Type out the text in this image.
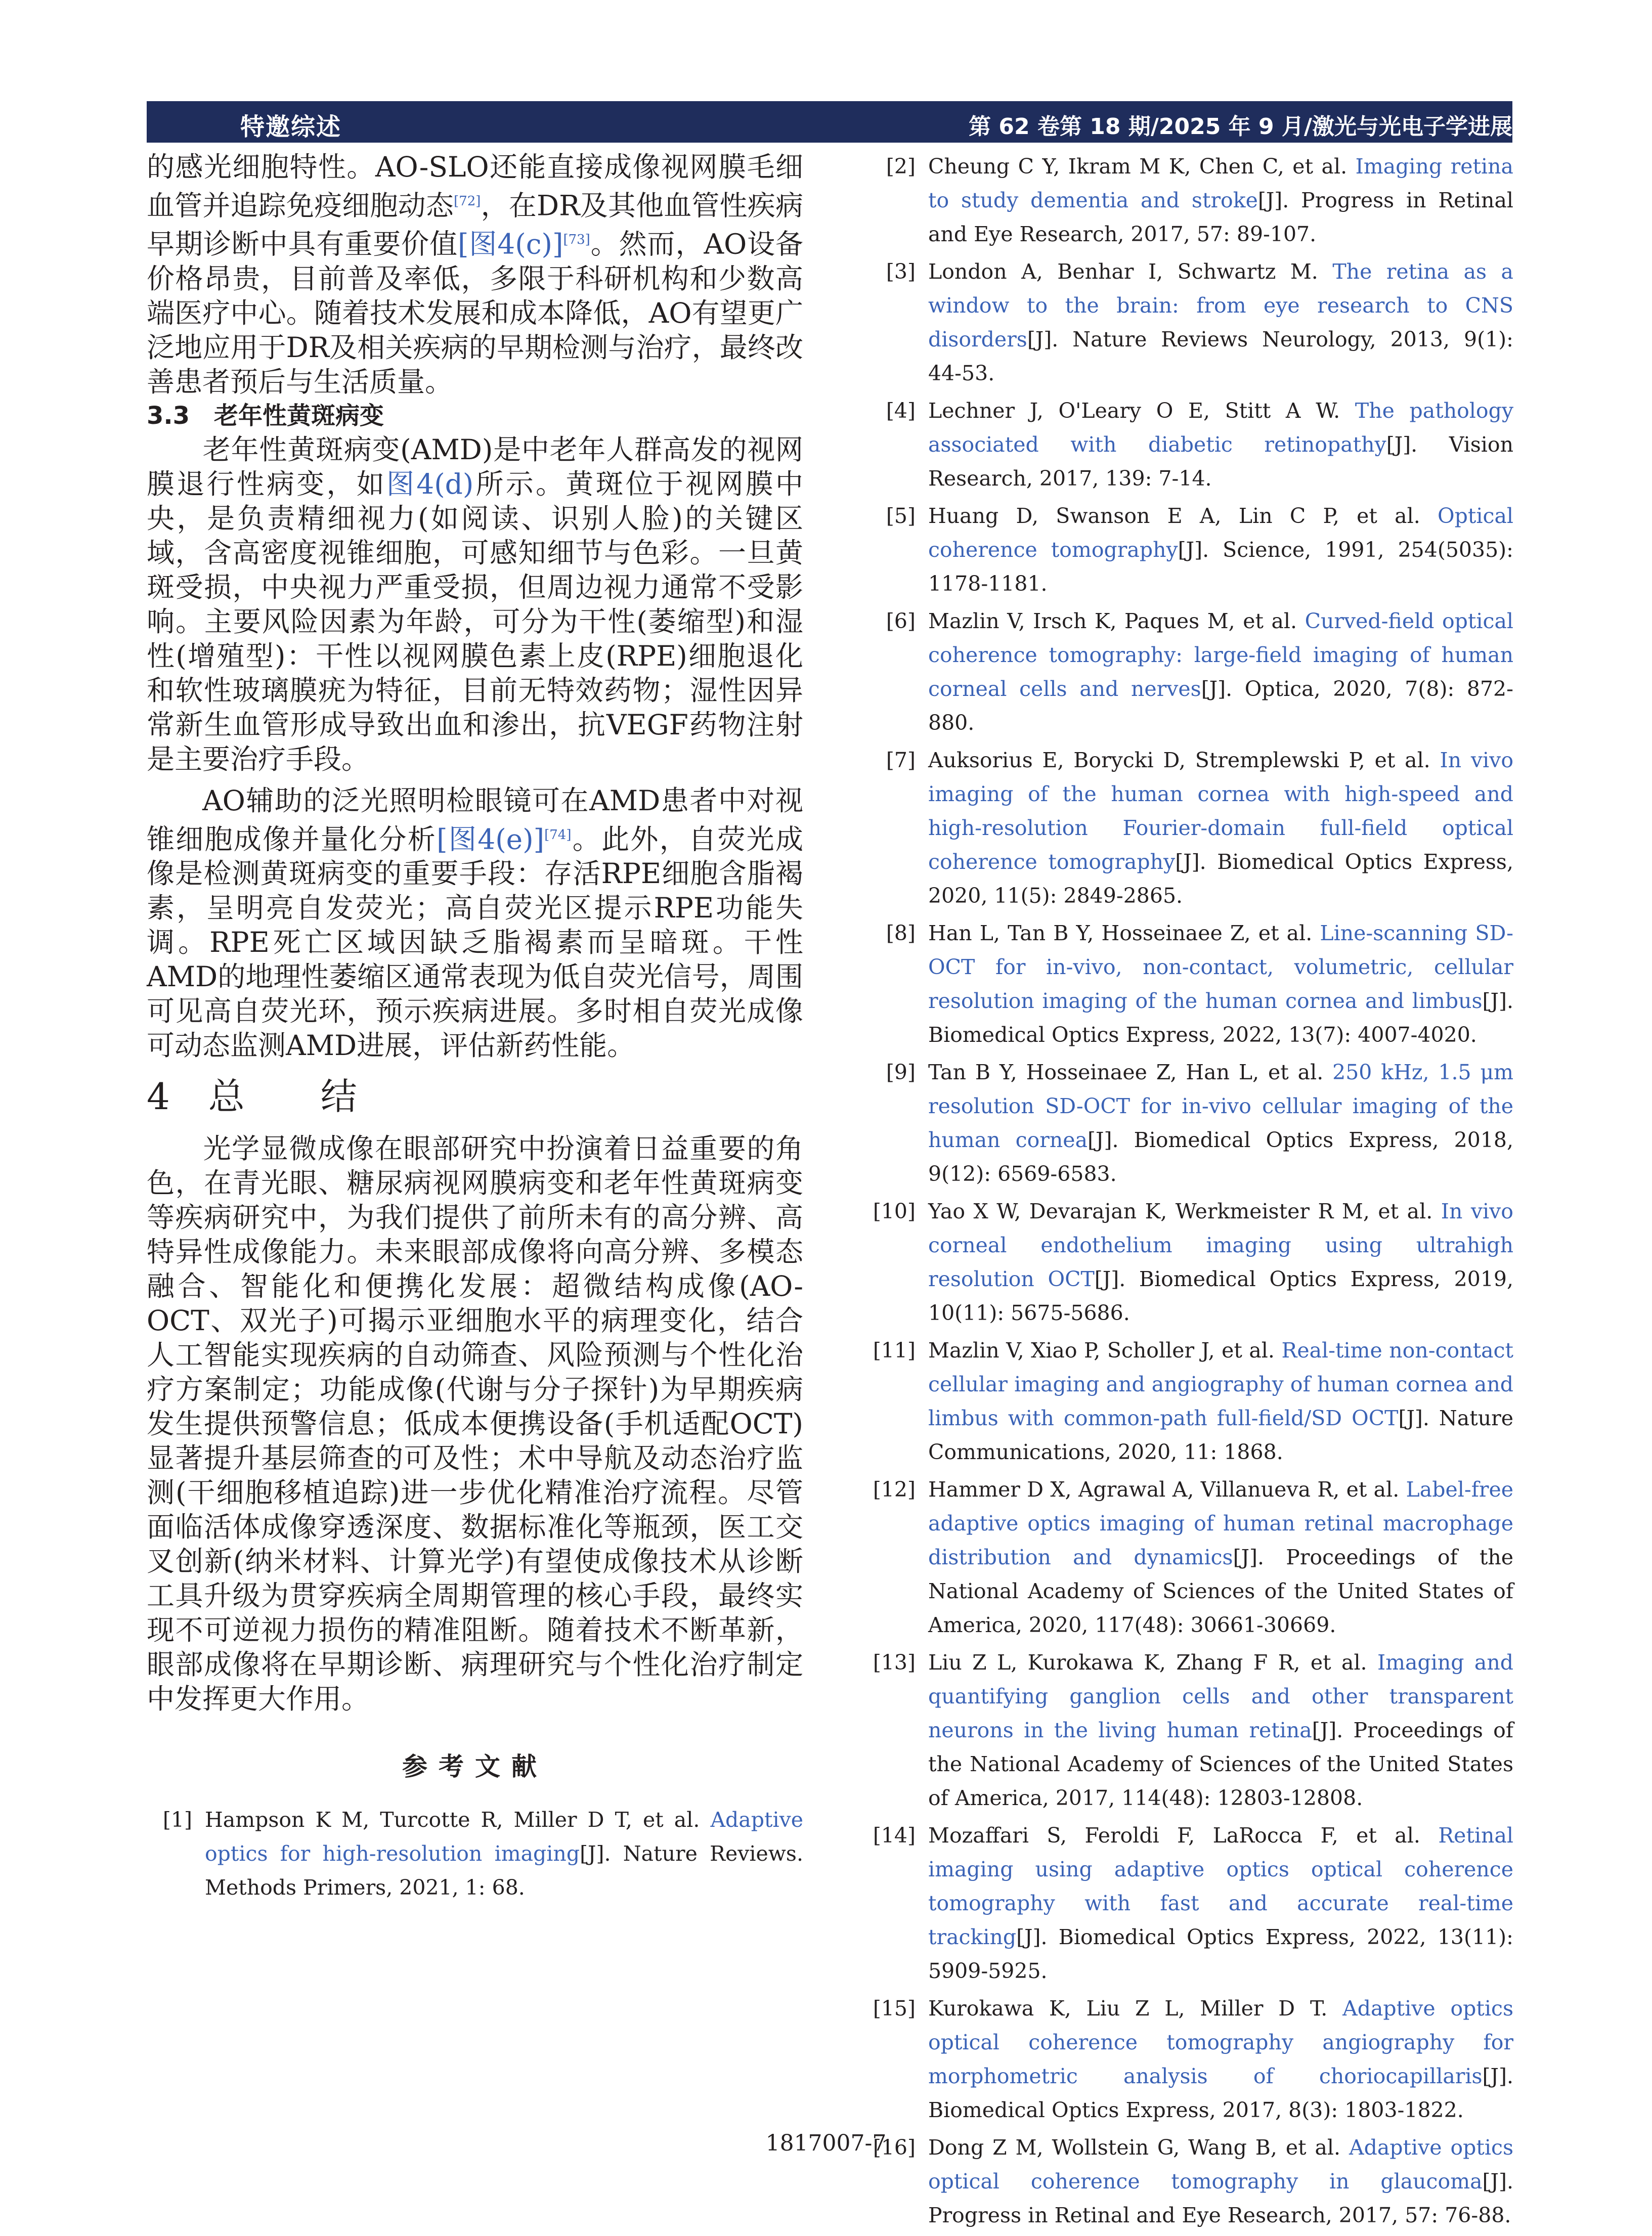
特邀综述	第 62 卷第 18 期/2025 年 9 月/激光与光电子学进展

的感光细胞特性。AO-SLO还能直接成像视网膜毛细血管并追踪免疫细胞动态[72]，在DR及其他血管性疾病早期诊断中具有重要价值[图4(c)][73]。然而，AO设备价格昂贵，目前普及率低，多限于科研机构和少数高端医疗中心。随着技术发展和成本降低，AO有望更广泛地应用于DR及相关疾病的早期检测与治疗，最终改善患者预后与生活质量。

3.3　老年性黄斑病变

老年性黄斑病变(AMD)是中老年人群高发的视网膜退行性病变，如图4(d)所示。黄斑位于视网膜中央，是负责精细视力(如阅读、识别人脸)的关键区域，含高密度视锥细胞，可感知细节与色彩。一旦黄斑受损，中央视力严重受损，但周边视力通常不受影响。主要风险因素为年龄，可分为干性(萎缩型)和湿性(增殖型)：干性以视网膜色素上皮(RPE)细胞退化和软性玻璃膜疣为特征，目前无特效药物；湿性因异常新生血管形成导致出血和渗出，抗VEGF药物注射是主要治疗手段。

AO辅助的泛光照明检眼镜可在AMD患者中对视锥细胞成像并量化分析[图4(e)][74]。此外，自荧光成像是检测黄斑病变的重要手段：存活RPE细胞含脂褐素，呈明亮自发荧光；高自荧光区提示RPE功能失调。RPE死亡区域因缺乏脂褐素而呈暗斑。干性AMD的地理性萎缩区通常表现为低自荧光信号，周围可见高自荧光环，预示疾病进展。多时相自荧光成像可动态监测AMD进展，评估新药性能。

4　总　　结

光学显微成像在眼部研究中扮演着日益重要的角色，在青光眼、糖尿病视网膜病变和老年性黄斑病变等疾病研究中，为我们提供了前所未有的高分辨、高特异性成像能力。未来眼部成像将向高分辨、多模态融合、智能化和便携化发展：超微结构成像(AO-OCT、双光子)可揭示亚细胞水平的病理变化，结合人工智能实现疾病的自动筛查、风险预测与个性化治疗方案制定；功能成像(代谢与分子探针)为早期疾病发生提供预警信息；低成本便携设备(手机适配OCT)显著提升基层筛查的可及性；术中导航及动态治疗监测(干细胞移植追踪)进一步优化精准治疗流程。尽管面临活体成像穿透深度、数据标准化等瓶颈，医工交叉创新(纳米材料、计算光学)有望使成像技术从诊断工具升级为贯穿疾病全周期管理的核心手段，最终实现不可逆视力损伤的精准阻断。随着技术不断革新，眼部成像将在早期诊断、病理研究与个性化治疗制定中发挥更大作用。

参考文献

[1] Hampson K M, Turcotte R, Miller D T, et al. Adaptive optics for high-resolution imaging[J]. Nature Reviews. Methods Primers, 2021, 1: 68.

[2] Cheung C Y, Ikram M K, Chen C, et al. Imaging retina to study dementia and stroke[J]. Progress in Retinal and Eye Research, 2017, 57: 89-107.

[3] London A, Benhar I, Schwartz M. The retina as a window to the brain: from eye research to CNS disorders[J]. Nature Reviews Neurology, 2013, 9(1): 44-53.

[4] Lechner J, O'Leary O E, Stitt A W. The pathology associated with diabetic retinopathy[J]. Vision Research, 2017, 139: 7-14.

[5] Huang D, Swanson E A, Lin C P, et al. Optical coherence tomography[J]. Science, 1991, 254(5035): 1178-1181.

[6] Mazlin V, Irsch K, Paques M, et al. Curved-field optical coherence tomography: large-field imaging of human corneal cells and nerves[J]. Optica, 2020, 7(8): 872-880.

[7] Auksorius E, Borycki D, Stremplewski P, et al. In vivo imaging of the human cornea with high-speed and high-resolution Fourier-domain full-field optical coherence tomography[J]. Biomedical Optics Express, 2020, 11(5): 2849-2865.

[8] Han L, Tan B Y, Hosseinaee Z, et al. Line-scanning SD-OCT for in-vivo, non-contact, volumetric, cellular resolution imaging of the human cornea and limbus[J]. Biomedical Optics Express, 2022, 13(7): 4007-4020.

[9] Tan B Y, Hosseinaee Z, Han L, et al. 250 kHz, 1.5 μm resolution SD-OCT for in-vivo cellular imaging of the human cornea[J]. Biomedical Optics Express, 2018, 9(12): 6569-6583.

[10] Yao X W, Devarajan K, Werkmeister R M, et al. In vivo corneal endothelium imaging using ultrahigh resolution OCT[J]. Biomedical Optics Express, 2019, 10(11): 5675-5686.

[11] Mazlin V, Xiao P, Scholler J, et al. Real-time non-contact cellular imaging and angiography of human cornea and limbus with common-path full-field/SD OCT[J]. Nature Communications, 2020, 11: 1868.

[12] Hammer D X, Agrawal A, Villanueva R, et al. Label-free adaptive optics imaging of human retinal macrophage distribution and dynamics[J]. Proceedings of the National Academy of Sciences of the United States of America, 2020, 117(48): 30661-30669.

[13] Liu Z L, Kurokawa K, Zhang F R, et al. Imaging and quantifying ganglion cells and other transparent neurons in the living human retina[J]. Proceedings of the National Academy of Sciences of the United States of America, 2017, 114(48): 12803-12808.

[14] Mozaffari S, Feroldi F, LaRocca F, et al. Retinal imaging using adaptive optics optical coherence tomography with fast and accurate real-time tracking[J]. Biomedical Optics Express, 2022, 13(11): 5909-5925.

[15] Kurokawa K, Liu Z L, Miller D T. Adaptive optics optical coherence tomography angiography for morphometric analysis of choriocapillaris[J]. Biomedical Optics Express, 2017, 8(3): 1803-1822.

[16] Dong Z M, Wollstein G, Wang B, et al. Adaptive optics optical coherence tomography in glaucoma[J]. Progress in Retinal and Eye Research, 2017, 57: 76-88.

1817007-7
